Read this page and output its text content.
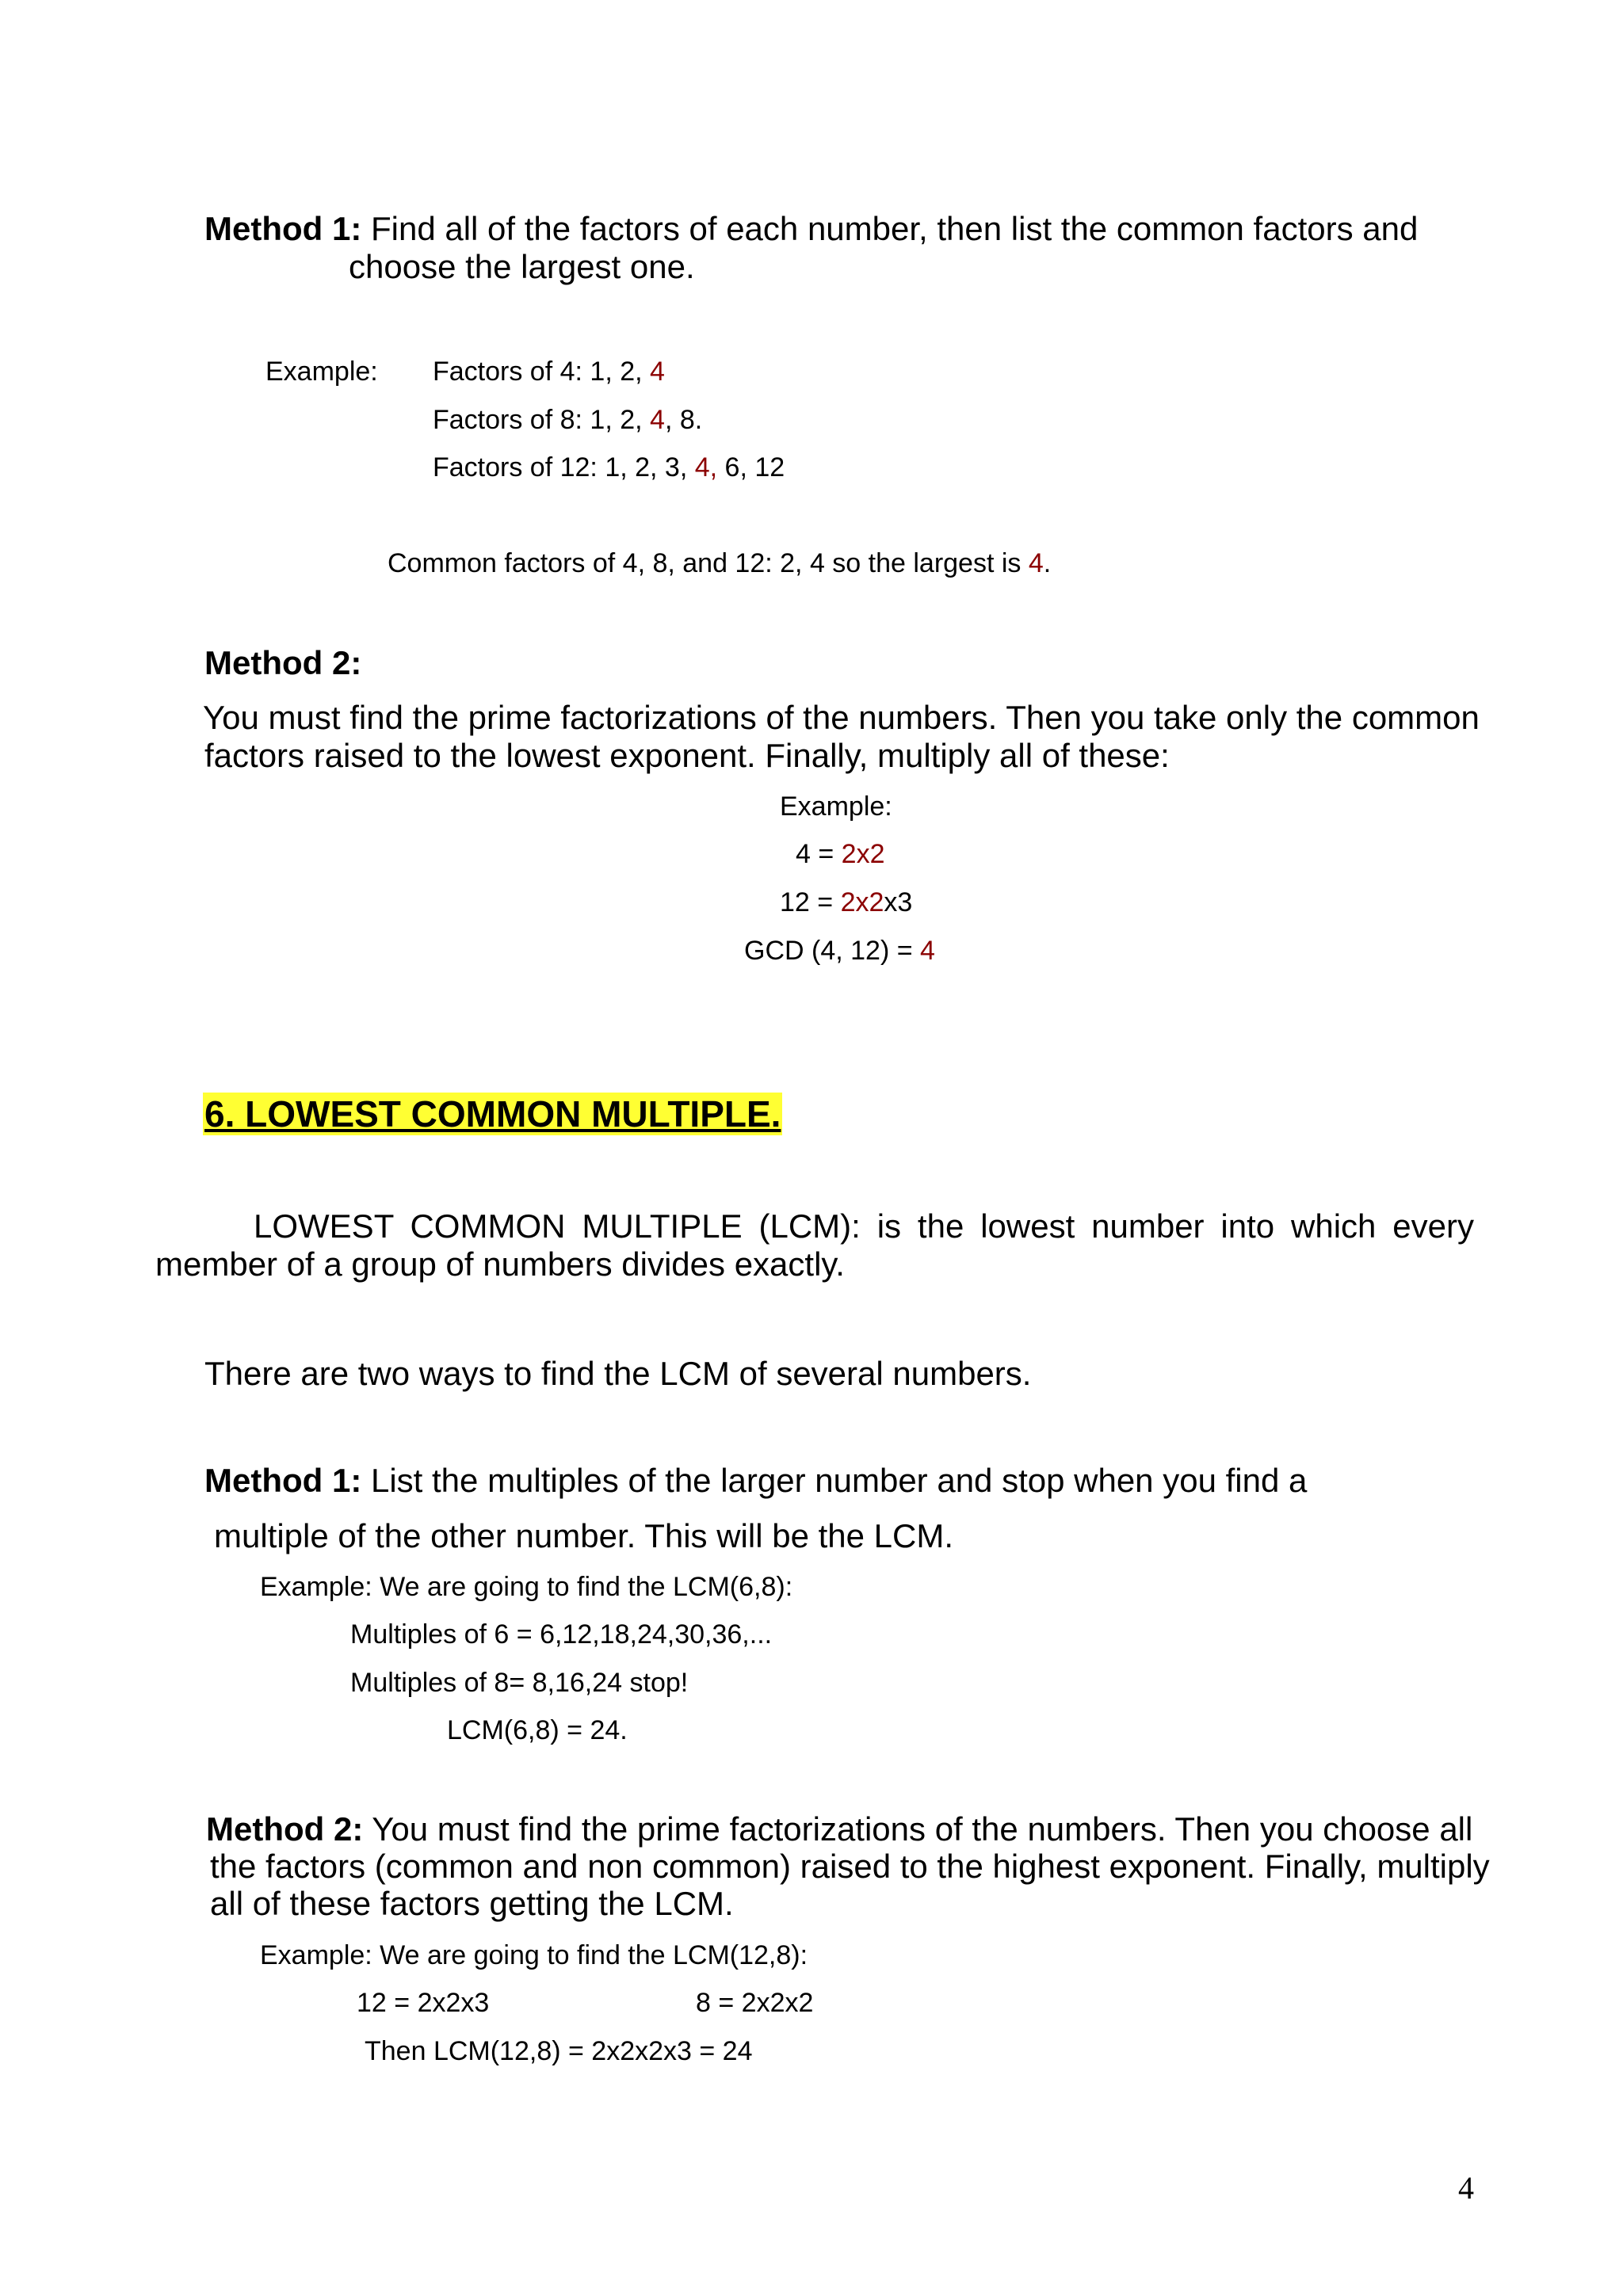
Method 1: Find all of the factors of each number, then list the common factors and

choose the largest one.

Example: Factors of 4: 1, 2, 4

Factors of 8: 1, 2, 4, 8.

Factors of 12: 1, 2, 3, 4, 6, 12

Common factors of 4, 8, and 12: 2, 4 so the largest is 4.

Method 2:

You must find the prime factorizations of the numbers. Then you take only the common

factors raised to the lowest exponent. Finally, multiply all of these:

Example:

4 = 2x2

12 = 2x2x3

GCD (4, 12) = 4

6. LOWEST COMMON MULTIPLE.

LOWEST COMMON MULTIPLE (LCM): is the lowest number into which every member of a group of numbers divides exactly.

There are two ways to find the LCM of several numbers.

Method 1: List the multiples of the larger number and stop when you find a

multiple of the other number. This will be the LCM.

Example: We are going to find the LCM(6,8):

Multiples of 6 = 6,12,18,24,30,36,...

Multiples of 8= 8,16,24 stop!

LCM(6,8) = 24.

Method 2: You must find the prime factorizations of the numbers. Then you choose all

the factors (common and non common) raised to the highest exponent. Finally, multiply

all of these factors getting the LCM.

Example: We are going to find the LCM(12,8):

12 = 2x2x3	8 = 2x2x2

Then LCM(12,8) = 2x2x2x3 = 24

4
